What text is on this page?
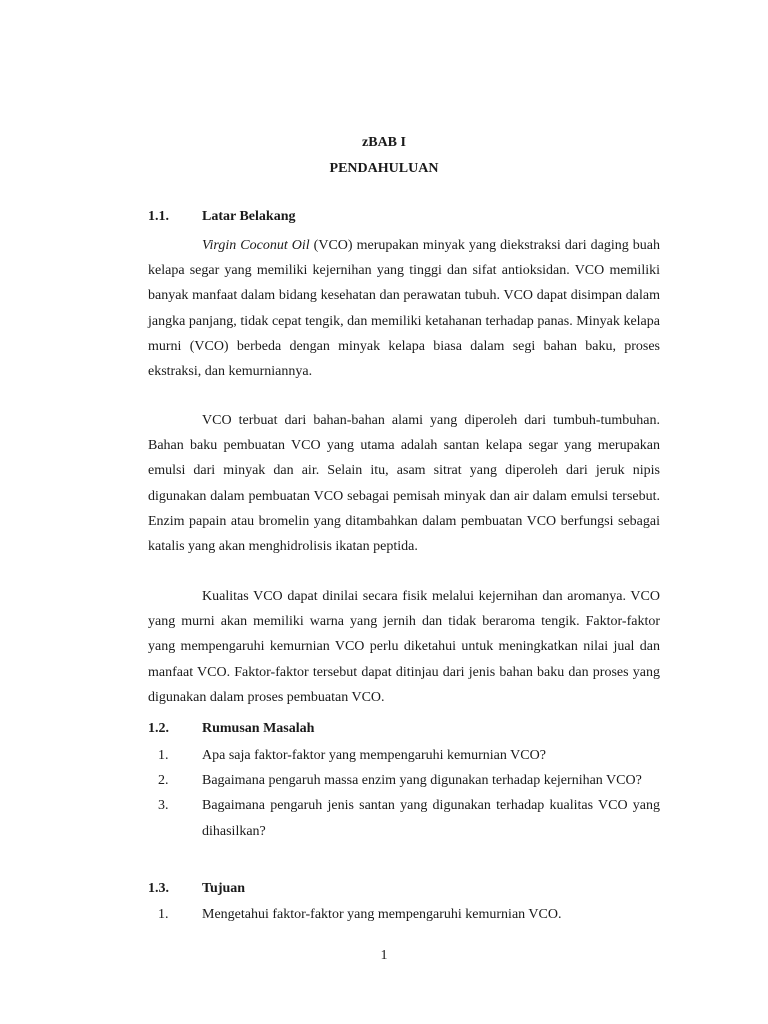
zBAB I
PENDAHULUAN
1.1. Latar Belakang
Virgin Coconut Oil (VCO) merupakan minyak yang diekstraksi dari daging buah kelapa segar yang memiliki kejernihan yang tinggi dan sifat antioksidan. VCO memiliki banyak manfaat dalam bidang kesehatan dan perawatan tubuh. VCO dapat disimpan dalam jangka panjang, tidak cepat tengik, dan memiliki ketahanan terhadap panas. Minyak kelapa murni (VCO) berbeda dengan minyak kelapa biasa dalam segi bahan baku, proses ekstraksi, dan kemurniannya.
VCO terbuat dari bahan-bahan alami yang diperoleh dari tumbuh-tumbuhan. Bahan baku pembuatan VCO yang utama adalah santan kelapa segar yang merupakan emulsi dari minyak dan air. Selain itu, asam sitrat yang diperoleh dari jeruk nipis digunakan dalam pembuatan VCO sebagai pemisah minyak dan air dalam emulsi tersebut. Enzim papain atau bromelin yang ditambahkan dalam pembuatan VCO berfungsi sebagai katalis yang akan menghidrolisis ikatan peptida.
Kualitas VCO dapat dinilai secara fisik melalui kejernihan dan aromanya. VCO yang murni akan memiliki warna yang jernih dan tidak beraroma tengik. Faktor-faktor yang mempengaruhi kemurnian VCO perlu diketahui untuk meningkatkan nilai jual dan manfaat VCO. Faktor-faktor tersebut dapat ditinjau dari jenis bahan baku dan proses yang digunakan dalam proses pembuatan VCO.
1.2. Rumusan Masalah
1. Apa saja faktor-faktor yang mempengaruhi kemurnian VCO?
2. Bagaimana pengaruh massa enzim yang digunakan terhadap kejernihan VCO?
3. Bagaimana pengaruh jenis santan yang digunakan terhadap kualitas VCO yang dihasilkan?
1.3. Tujuan
1. Mengetahui faktor-faktor yang mempengaruhi kemurnian VCO.
1
